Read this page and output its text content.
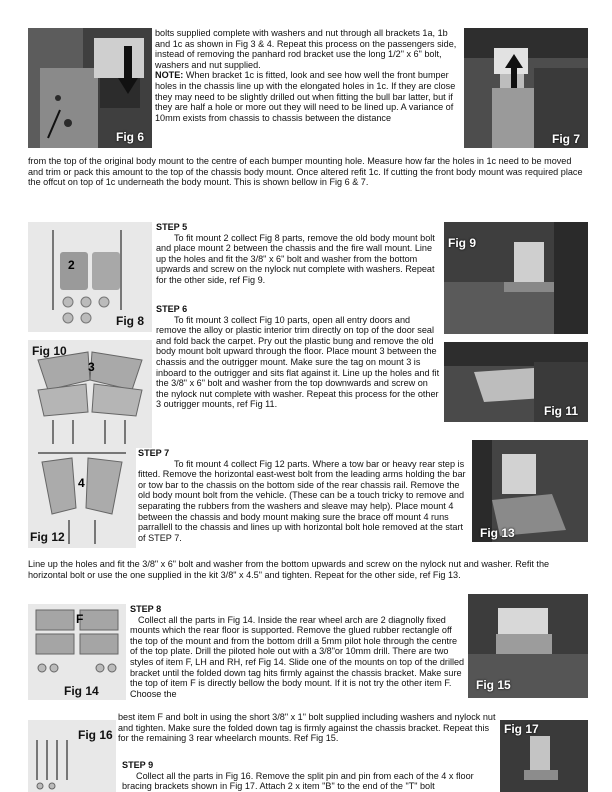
Fig 6	Fig 7
bolts supplied complete with washers and nut through all brackets 1a, 1b and 1c as shown in Fig 3 & 4. Repeat this process on the passengers side, instead of removing the panhard rod bracket use the long 1/2" x 6" bolt, washers and nut supplied.
NOTE: When bracket 1c is fitted, look and see how well the front bumper holes in the chassis line up with the elongated holes in 1c. If they are close they may need to be slightly drilled out when fitting the bull bar latter, but if they are half a hole or more out they will need to be lined up. A variance of 10mm exists from chassis to chassis between the distance
from the top of the original body mount to the centre of each bumper mounting hole. Measure how far the holes in 1c need to be moved and trim or pack this amount to the top of the chassis body mount. Once altered refit 1c. If cutting the front body mount was required place the offcut on top of 1c underneath the body mount. This is shown bellow in Fig 6 & 7.
2
Fig 8
STEP 5
To fit mount 2 collect Fig 8 parts, remove the old body mount bolt and place mount 2 between the chassis and the fire wall mount. Line up the holes and fit the 3/8" x 6" bolt and washer from the bottom upwards and screw on the nylock nut complete with washers. Repeat for the other side, ref Fig 9.
Fig 9
Fig 10
3
STEP 6
To fit mount 3 collect Fig 10 parts, open all entry doors and remove the alloy or plastic interior trim directly on top of the door seal and fold back the carpet. Pry out the plastic bung and remove the old body mount bolt upward through the floor. Place mount 3 between the chassis and the outrigger mount. Make sure the tag on mount 3 is inboard to the outrigger and sits flat against it. Line up the holes and fit the 3/8" x 6" bolt and washer from the top downwards and screw on the nylock nut complete with washer. Repeat this process for the other 3 outrigger mounts, ref Fig 11.	Fig 11
4
Fig 12
STEP 7
To fit mount 4 collect Fig 12 parts. Where a tow bar or heavy rear step is fitted. Remove the horizontal east-west bolt from the leading arms holding the bar or tow bar to the chassis on the bottom side of the rear chassis rail. Remove the old body mount bolt from the vehicle. (These can be a touch tricky to remove and separating the rubbers from the washers and sleave may help). Place mount 4 between the chassis and body mount making sure the brace off mount 4 runs parrallell to the chassis and lines up with horizontal bolt hole removed at the start of STEP 7.	Fig 13
Line up the holes and fit the 3/8" x 6" bolt and washer from the bottom upwards and screw on the nylock nut and washer. Refit the horizontal bolt or use the one supplied in the kit 3/8" x 4.5" and tighten. Repeat for the other side, ref Fig 13.
F
Fig 14
STEP 8
Collect all the parts in Fig 14. Inside the rear wheel arch are 2 diagnolly fixed mounts which the rear floor is supported. Remove the glued rubber rectangle off the top of the mount and from the bottom drill a 5mm pilot hole through the centre of the top plate. Drill the piloted hole out with a 3/8"or 10mm drill. There are two styles of item F, LH and RH, ref Fig 14. Slide one of the mounts on top of the drilled bracket until the folded down tag hits firmly against the chassis bracket. Make sure the top of item F is directly bellow the body mount. If it is not try the other item F. Choose the
Fig 15
best item F and bolt in using the short 3/8" x 1" bolt supplied including washers and nylock nut and tighten. Make sure the folded down tag is firmly against the chassis bracket. Repeat this for the remaining 3 rear wheelarch mounts. Ref Fig 15.
Fig 16
STEP 9
Collect all the parts in Fig 16. Remove the split pin and pin from each of the 4 x floor bracing brackets shown in Fig 17. Attach 2 x item "B" to the end of the "T" bolt
Fig 17
